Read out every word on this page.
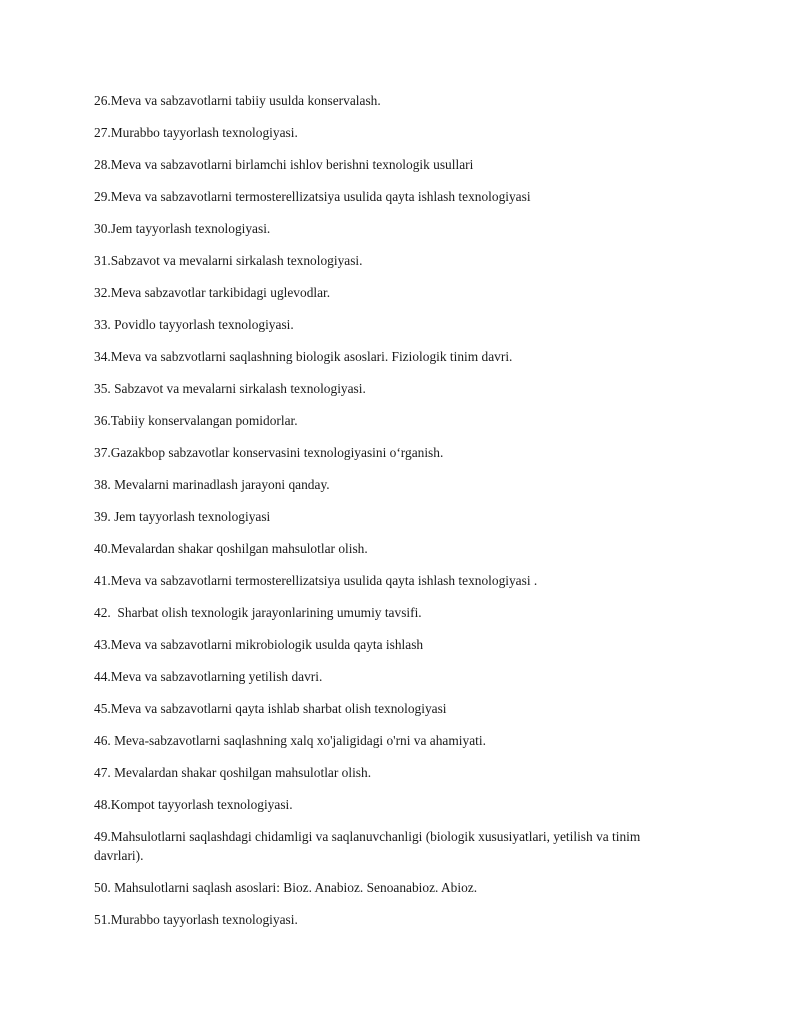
26.Meva va sabzavotlarni tabiiy usulda konservalash.
27.Murabbo tayyorlash texnologiyasi.
28.Meva va sabzavotlarni birlamchi ishlov berishni texnologik usullari
29.Meva va sabzavotlarni termosterellizatsiya usulida qayta ishlash texnologiyasi
30.Jem tayyorlash texnologiyasi.
31.Sabzavot va mevalarni sirkalash texnologiyasi.
32.Meva sabzavotlar tarkibidagi uglevodlar.
33. Povidlo tayyorlash texnologiyasi.
34.Meva va sabzvotlarni saqlashning biologik asoslari. Fiziologik tinim davri.
35. Sabzavot va mevalarni sirkalash texnologiyasi.
36.Tabiiy konservalangan pomidorlar.
37.Gazakbop sabzavotlar konservasini texnologiyasini o‘rganish.
38. Mevalarni marinadlash jarayoni qanday.
39. Jem tayyorlash texnologiyasi
40.Mevalardan shakar qoshilgan mahsulotlar olish.
41.Meva va sabzavotlarni termosterellizatsiya usulida qayta ishlash texnologiyasi .
42.  Sharbat olish texnologik jarayonlarining umumiy tavsifi.
43.Meva va sabzavotlarni mikrobiologik usulda qayta ishlash
44.Meva va sabzavotlarning yetilish davri.
45.Meva va sabzavotlarni qayta ishlab sharbat olish texnologiyasi
46. Meva-sabzavotlarni saqlashning xalq xo'jaligidagi o'rni va ahamiyati.
47. Mevalardan shakar qoshilgan mahsulotlar olish.
48.Kompot tayyorlash texnologiyasi.
49.Mahsulotlarni saqlashdagi chidamligi va saqlanuvchanligi (biologik xususiyatlari, yetilish va tinim davrlari).
50. Mahsulotlarni saqlash asoslari: Bioz. Anabioz. Senoanabioz. Abioz.
51.Murabbo tayyorlash texnologiyasi.
